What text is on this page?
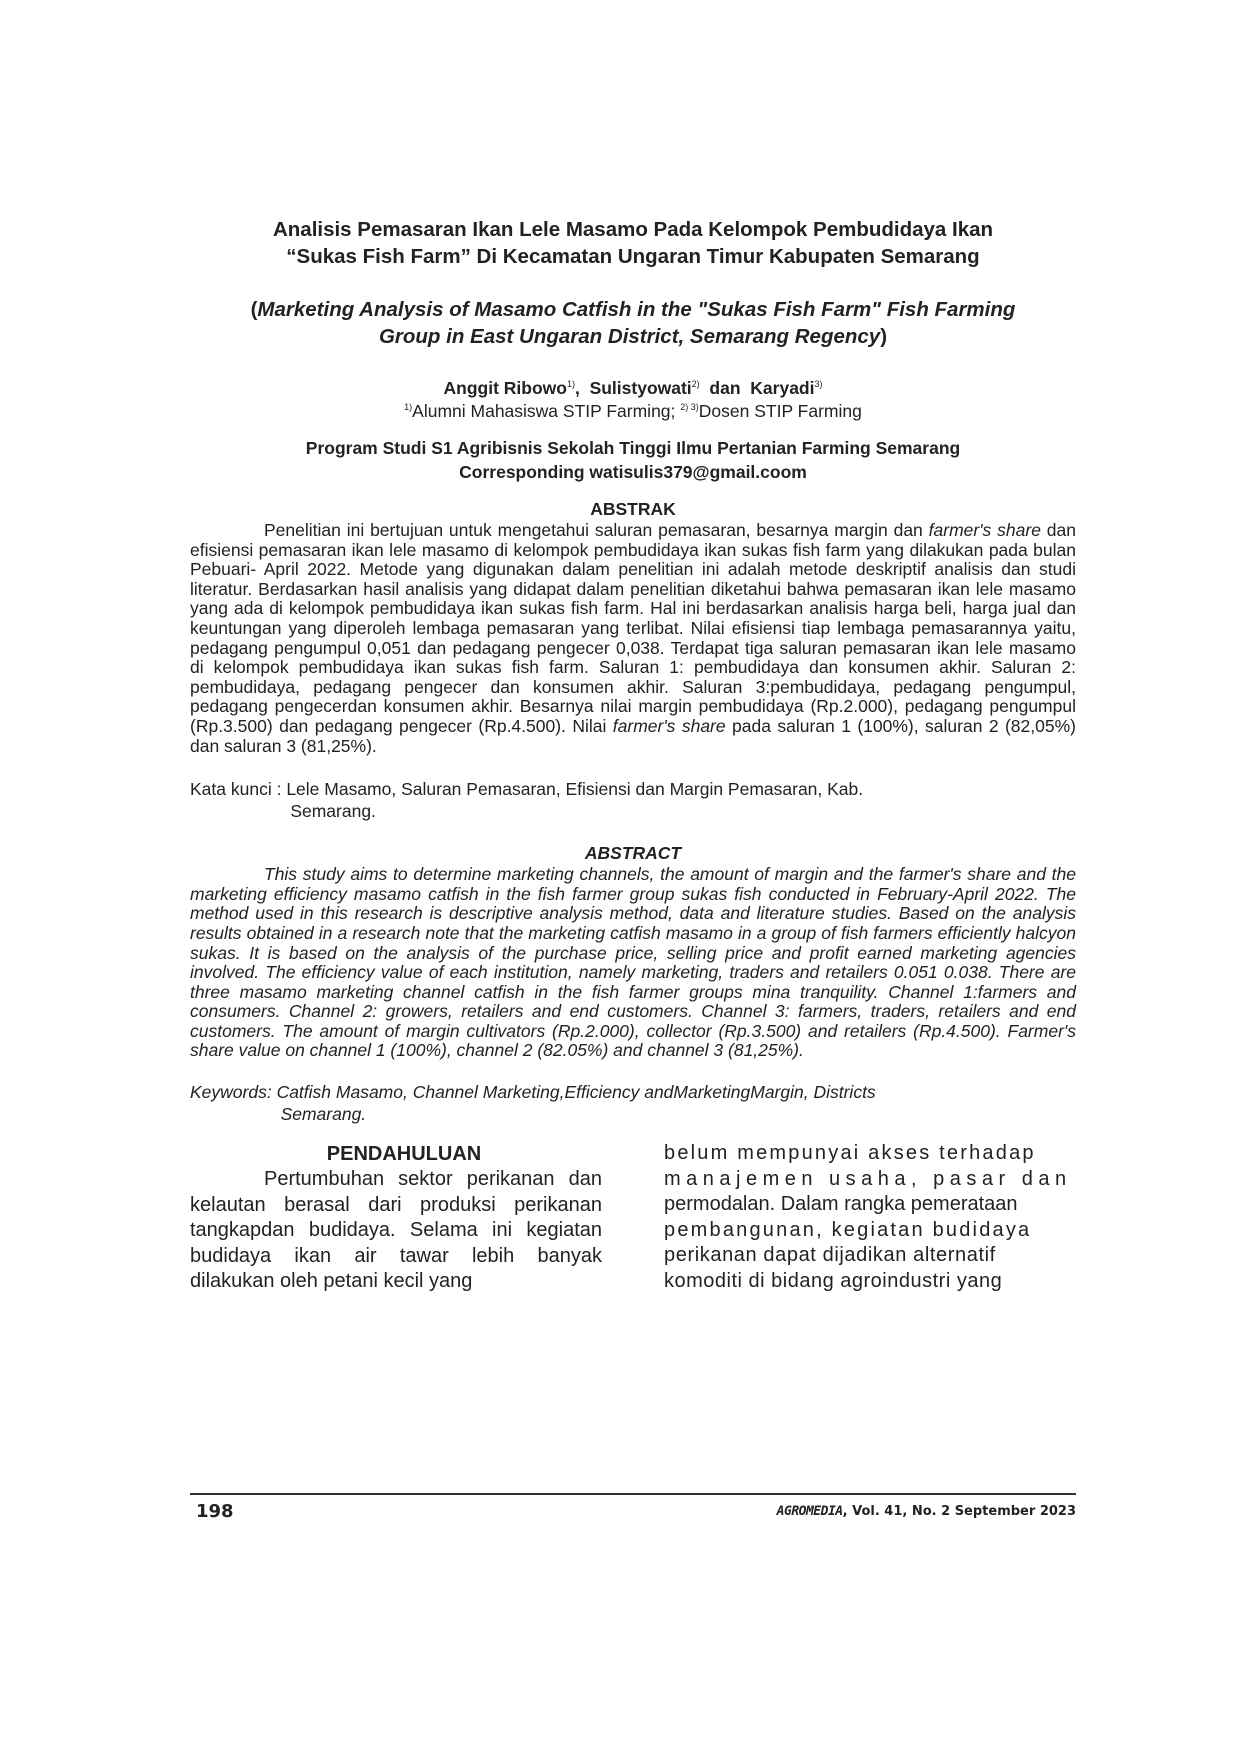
Analisis Pemasaran Ikan Lele Masamo Pada Kelompok Pembudidaya Ikan
“Sukas Fish Farm” Di Kecamatan Ungaran Timur Kabupaten Semarang

(Marketing Analysis of Masamo Catfish in the "Sukas Fish Farm" Fish Farming
Group in East Ungaran District, Semarang Regency)

Anggit Ribowo$^{1)}$,  Sulistyowati$^{2)}$ dan Karyadi$^{3)}$

$^{1)}$Alumni Mahasiswa STIP Farming; $^{2) 3)}$Dosen STIP Farming

Program Studi S1 Agribisnis Sekolah Tinggi Ilmu Pertanian Farming Semarang
Corresponding watisulis379@gmail.coom

ABSTRAK

Penelitian ini bertujuan untuk mengetahui saluran pemasaran, besarnya margin dan farmer's share dan efisiensi pemasaran ikan lele masamo di kelompok pembudidaya ikan sukas fish farm yang dilakukan pada bulan Pebuari- April 2022. Metode yang digunakan dalam penelitian ini adalah metode deskriptif analisis dan studi literatur. Berdasarkan hasil analisis yang didapat dalam penelitian diketahui bahwa pemasaran ikan lele masamo yang ada di kelompok pembudidaya ikan sukas fish farm. Hal ini berdasarkan analisis harga beli, harga jual dan keuntungan yang diperoleh lembaga pemasaran yang terlibat. Nilai efisiensi tiap lembaga pemasarannya yaitu, pedagang pengumpul 0,051 dan pedagang pengecer 0,038. Terdapat tiga saluran pemasaran ikan lele masamo di kelompok pembudidaya ikan sukas fish farm. Saluran 1: pembudidaya dan konsumen akhir. Saluran 2: pembudidaya, pedagang pengecer dan konsumen akhir. Saluran 3:pembudidaya, pedagang pengumpul, pedagang pengecerdan konsumen akhir. Besarnya nilai margin pembudidaya (Rp.2.000), pedagang pengumpul (Rp.3.500) dan pedagang pengecer (Rp.4.500). Nilai farmer's share pada saluran 1 (100%), saluran 2 (82,05%) dan saluran 3 (81,25%).

Kata kunci : Lele Masamo, Saluran Pemasaran, Efisiensi dan Margin Pemasaran, Kab.
Semarang.

ABSTRACT

This study aims to determine marketing channels, the amount of margin and the farmer's share and the marketing efficiency masamo catfish in the fish farmer group sukas fish conducted in February-April 2022. The method used in this research is descriptive analysis method, data and literature studies. Based on the analysis results obtained in a research note that the marketing catfish masamo in a group of fish farmers efficiently halcyon sukas. It is based on the analysis of the purchase price, selling price and profit earned marketing agencies involved. The efficiency value of each institution, namely marketing, traders and retailers 0.051 0.038. There are three masamo marketing channel catfish in the fish farmer groups mina tranquility. Channel 1:farmers and consumers. Channel 2: growers, retailers and end customers. Channel 3: farmers, traders, retailers and end customers. The amount of margin cultivators (Rp.2.000), collector (Rp.3.500) and retailers (Rp.4.500). Farmer's share value on channel 1 (100%), channel 2 (82.05%) and channel 3 (81,25%).

Keywords: Catfish Masamo, Channel Marketing,Efficiency andMarketingMargin, Districts
Semarang.

PENDAHULUAN

Pertumbuhan sektor perikanan dan kelautan berasal dari produksi perikanan tangkapdan budidaya. Selama ini kegiatan budidaya ikan air tawar lebih banyak dilakukan oleh petani kecil yang

belum mempunyai akses terhadap
manajemen usaha, pasar dan
permodalan. Dalam rangka pemerataan
pembangunan, kegiatan budidaya
perikanan dapat dijadikan alternatif
komoditi di bidang agroindustri yang
198	AGROMEDIA, Vol. 41, No. 2 September 2023
